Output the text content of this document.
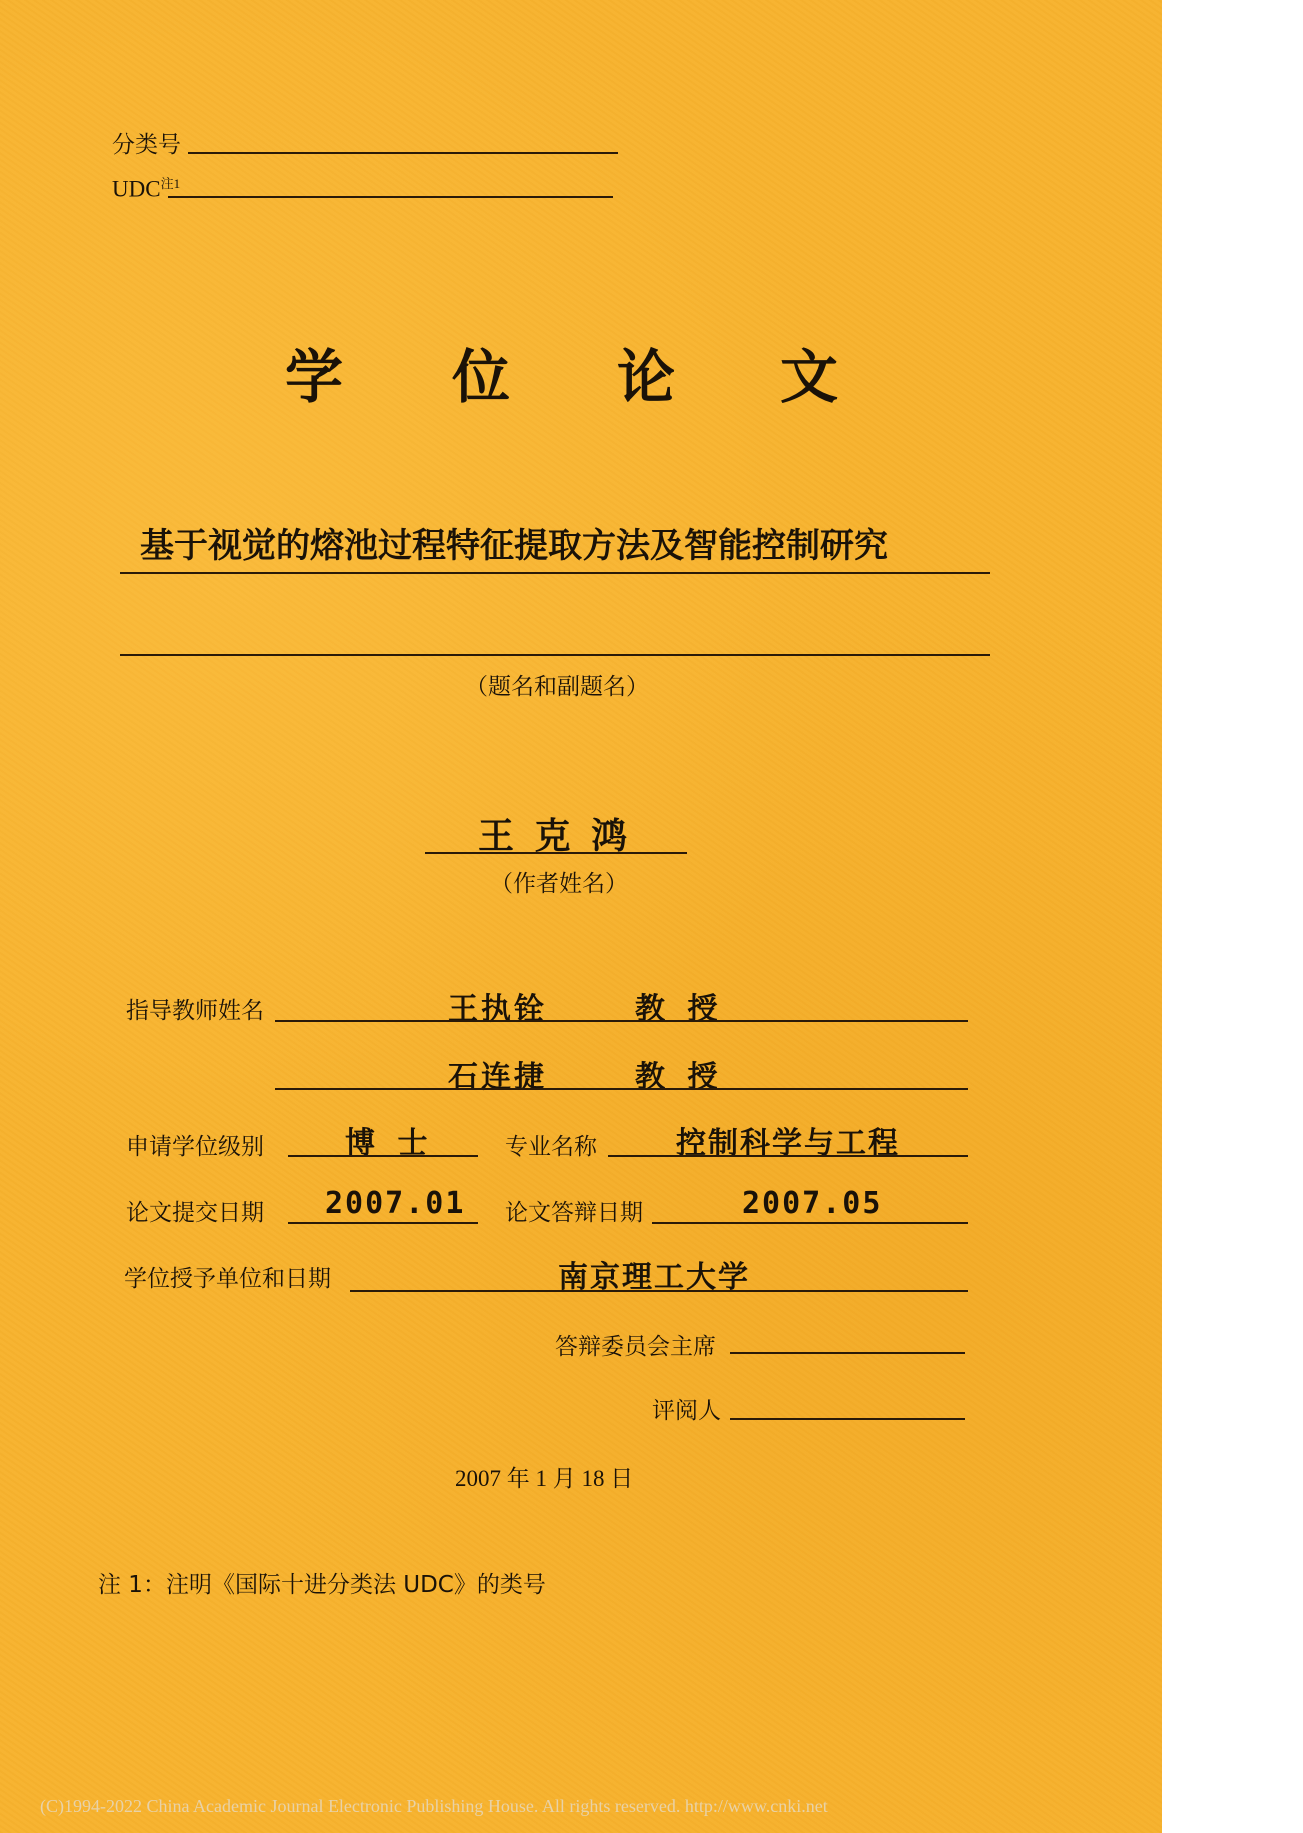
分类号
UDC$^{注1}$
学 位 论 文
基于视觉的熔池过程特征提取方法及智能控制研究
（题名和副题名）
王 克 鸿
（作者姓名）
指导教师姓名	王执铨	教 授
石连捷	教 授
申请学位级别	博 士	专业名称	控制科学与工程
论文提交日期 2007.01 论文答辩日期	2007.05
学位授予单位和日期	南京理工大学
答辩委员会主席
评阅人
2007 年 1 月 18 日
注 1：注明《国际十进分类法 UDC》的类号
(C)1994-2022 China Academic Journal Electronic Publishing House. All rights reserved. http://www.cnki.net
